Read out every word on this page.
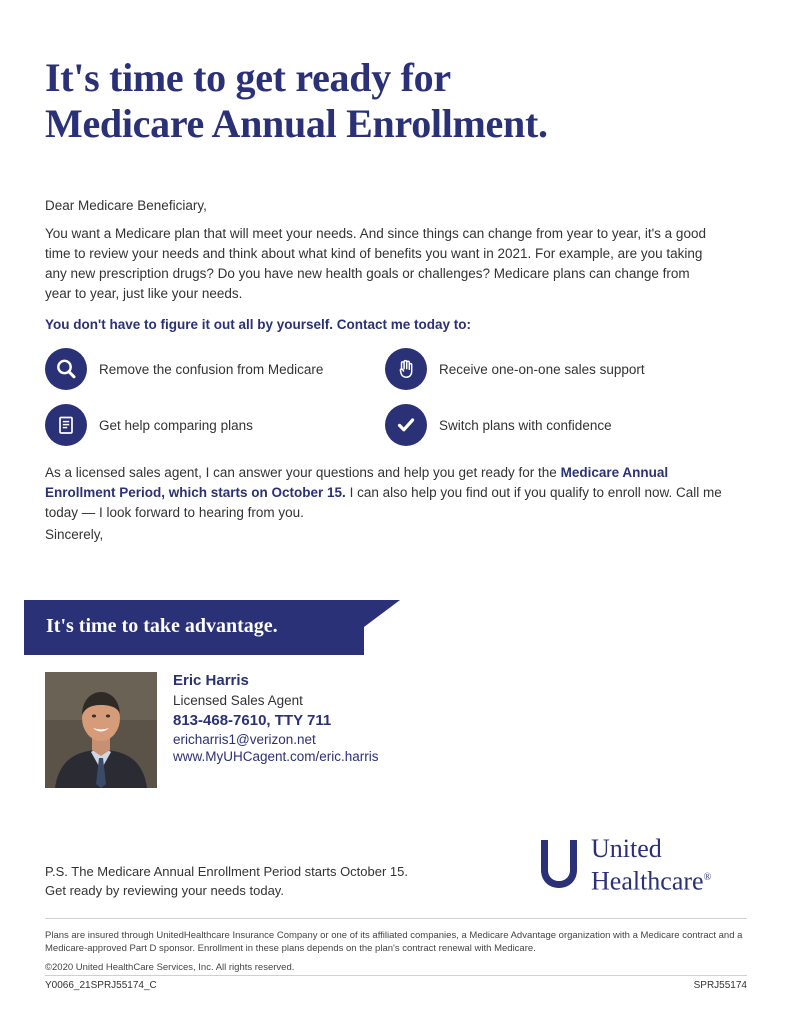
It's time to get ready for
Medicare Annual Enrollment.
Dear Medicare Beneficiary,
You want a Medicare plan that will meet your needs. And since things can change from year to year, it's a good time to review your needs and think about what kind of benefits you want in 2021. For example, are you taking any new prescription drugs? Do you have new health goals or challenges? Medicare plans can change from year to year, just like your needs.
You don't have to figure it out all by yourself. Contact me today to:
Remove the confusion from Medicare	Receive one-on-one sales support
Get help comparing plans	Switch plans with confidence
As a licensed sales agent, I can answer your questions and help you get ready for the Medicare Annual Enrollment Period, which starts on October 15. I can also help you find out if you qualify to enroll now. Call me today — I look forward to hearing from you.
Sincerely,
It's time to take advantage.
Eric Harris
Licensed Sales Agent
813-468-7610, TTY 711
ericharris1@verizon.net
www.MyUHCagent.com/eric.harris
P.S. The Medicare Annual Enrollment Period starts October 15.
Get ready by reviewing your needs today.
United
Healthcare®
Plans are insured through UnitedHealthcare Insurance Company or one of its affiliated companies, a Medicare Advantage organization with a Medicare contract and a Medicare-approved Part D sponsor. Enrollment in these plans depends on the plan's contract renewal with Medicare.
©2020 United HealthCare Services, Inc. All rights reserved.
Y0066_21SPRJ55174_C	SPRJ55174
